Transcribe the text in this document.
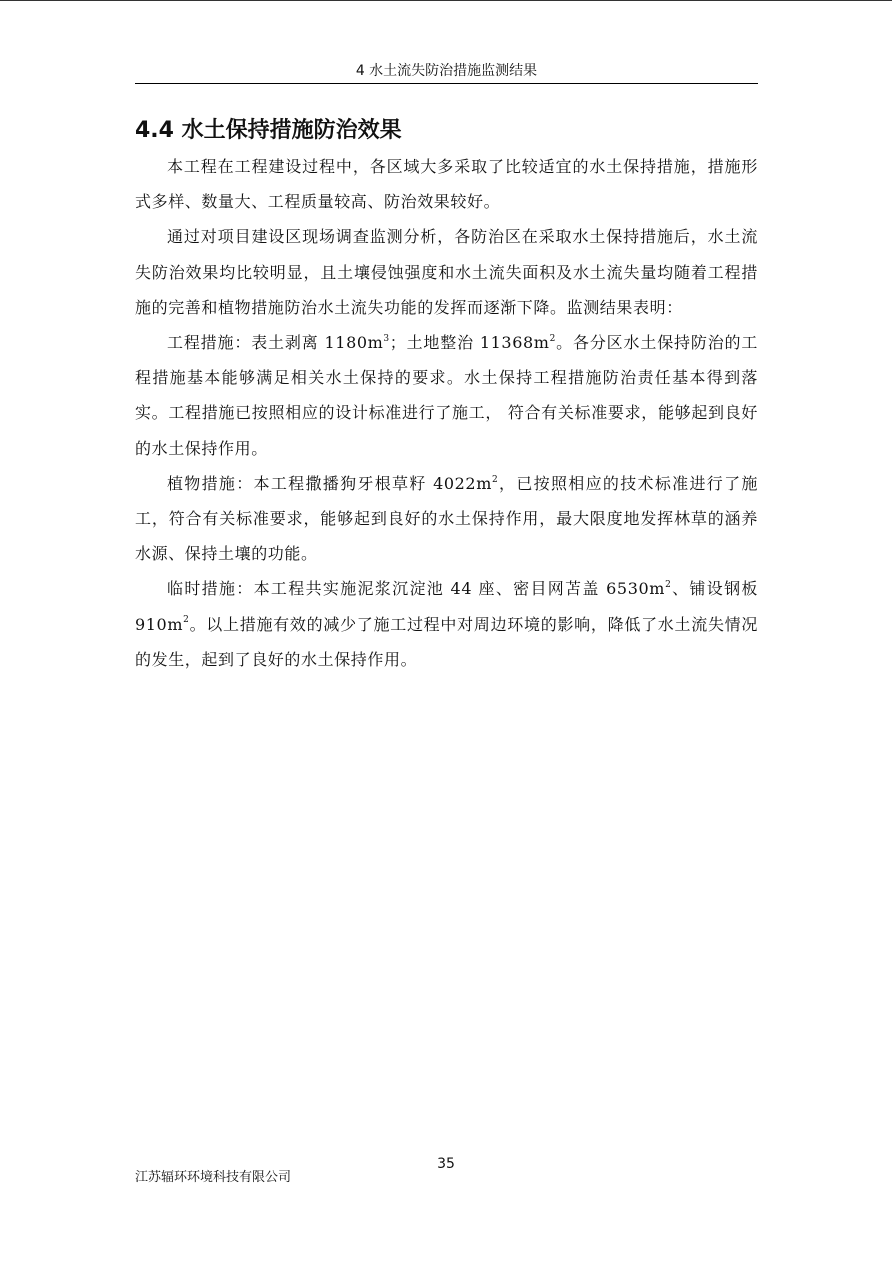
4 水土流失防治措施监测结果
4.4 水土保持措施防治效果

本工程在工程建设过程中，各区域大多采取了比较适宜的水土保持措施，措施形式多样、数量大、工程质量较高、防治效果较好。

通过对项目建设区现场调查监测分析，各防治区在采取水土保持措施后，水土流失防治效果均比较明显，且土壤侵蚀强度和水土流失面积及水土流失量均随着工程措施的完善和植物措施防治水土流失功能的发挥而逐渐下降。监测结果表明：

工程措施：表土剥离 $1180m^3$；土地整治 $11368m^2$。各分区水土保持防治的工程措施基本能够满足相关水土保持的要求。水土保持工程措施防治责任基本得到落实。工程措施已按照相应的设计标准进行了施工， 符合有关标准要求，能够起到良好的水土保持作用。

植物措施：本工程撒播狗牙根草籽 $4022m^2$，已按照相应的技术标准进行了施工，符合有关标准要求，能够起到良好的水土保持作用，最大限度地发挥林草的涵养水源、保持土壤的功能。

临时措施：本工程共实施泥浆沉淀池 44 座、密目网苫盖 $6530m^2$、铺设钢板 $910m^2$。以上措施有效的减少了施工过程中对周边环境的影响，降低了水土流失情况的发生，起到了良好的水土保持作用。

35
江苏辐环环境科技有限公司
